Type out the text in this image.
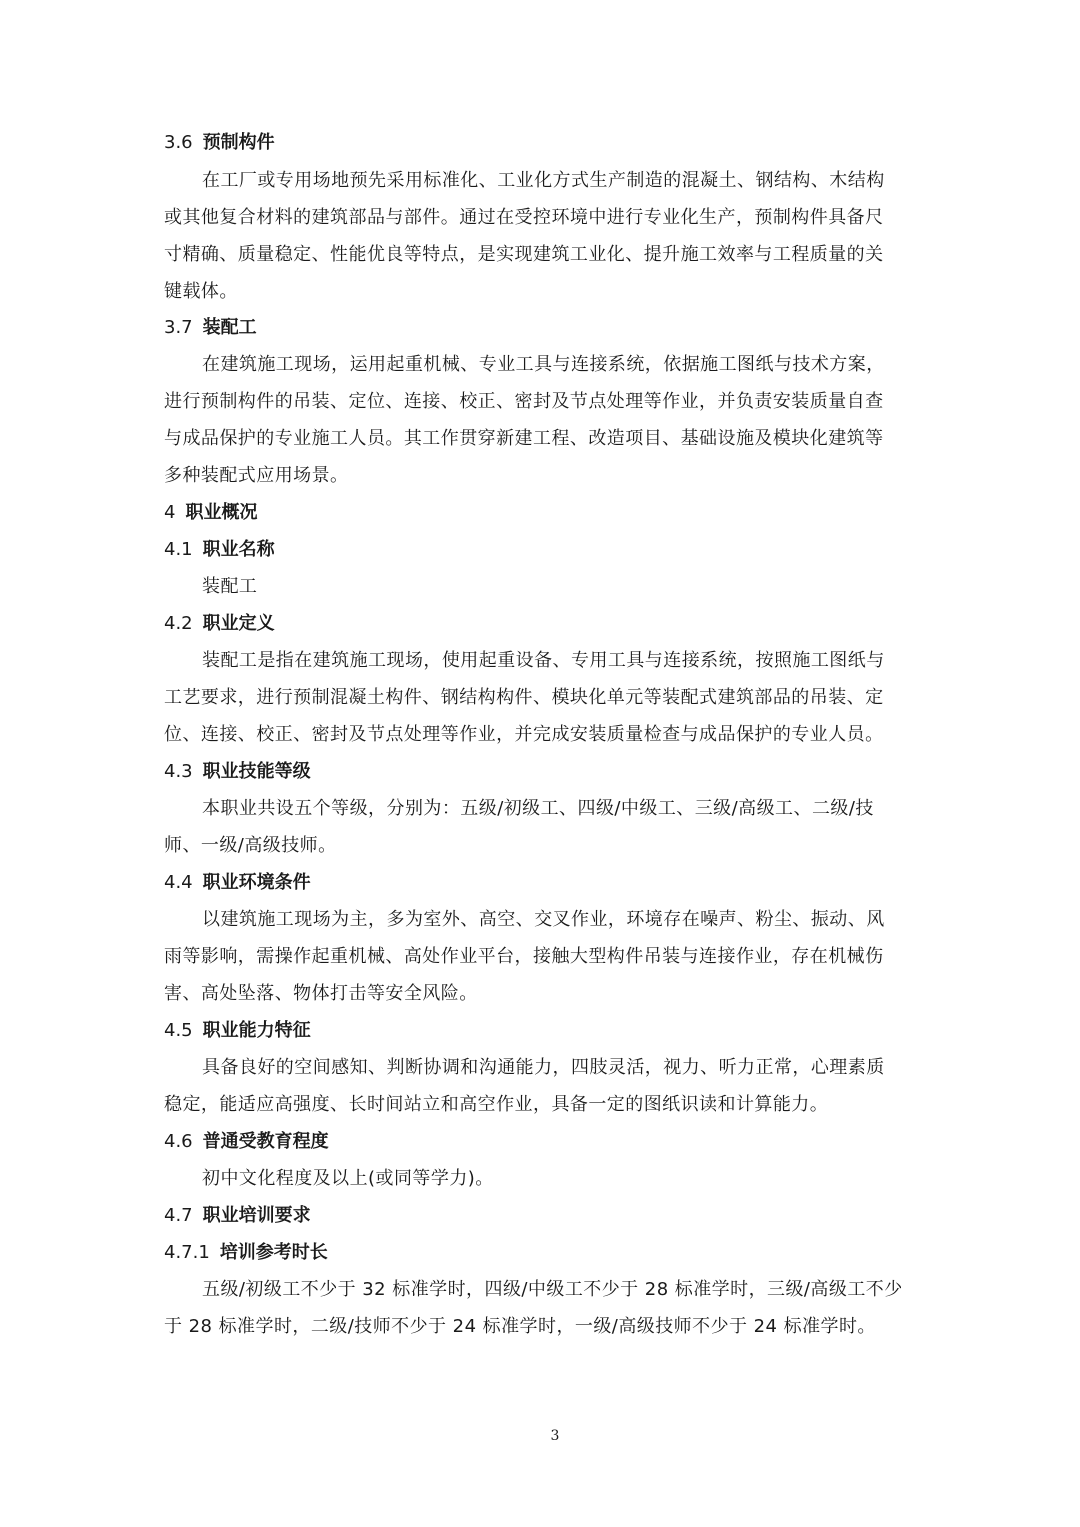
3.6 预制构件
在工厂或专用场地预先采用标准化、工业化方式生产制造的混凝土、钢结构、木结构
或其他复合材料的建筑部品与部件。通过在受控环境中进行专业化生产，预制构件具备尺
寸精确、质量稳定、性能优良等特点，是实现建筑工业化、提升施工效率与工程质量的关
键载体。
3.7 装配工
在建筑施工现场，运用起重机械、专业工具与连接系统，依据施工图纸与技术方案，
进行预制构件的吊装、定位、连接、校正、密封及节点处理等作业，并负责安装质量自查
与成品保护的专业施工人员。其工作贯穿新建工程、改造项目、基础设施及模块化建筑等
多种装配式应用场景。
4 职业概况
4.1 职业名称
装配工
4.2 职业定义
装配工是指在建筑施工现场，使用起重设备、专用工具与连接系统，按照施工图纸与
工艺要求，进行预制混凝土构件、钢结构构件、模块化单元等装配式建筑部品的吊装、定
位、连接、校正、密封及节点处理等作业，并完成安装质量检查与成品保护的专业人员。
4.3 职业技能等级
本职业共设五个等级，分别为：五级/初级工、四级/中级工、三级/高级工、二级/技
师、一级/高级技师。
4.4 职业环境条件
以建筑施工现场为主，多为室外、高空、交叉作业，环境存在噪声、粉尘、振动、风
雨等影响，需操作起重机械、高处作业平台，接触大型构件吊装与连接作业，存在机械伤
害、高处坠落、物体打击等安全风险。
4.5 职业能力特征
具备良好的空间感知、判断协调和沟通能力，四肢灵活，视力、听力正常，心理素质
稳定，能适应高强度、长时间站立和高空作业，具备一定的图纸识读和计算能力。
4.6 普通受教育程度
初中文化程度及以上(或同等学力)。
4.7 职业培训要求
4.7.1 培训参考时长
五级/初级工不少于 32 标准学时，四级/中级工不少于 28 标准学时，三级/高级工不少
于 28 标准学时，二级/技师不少于 24 标准学时，一级/高级技师不少于 24 标准学时。
3
